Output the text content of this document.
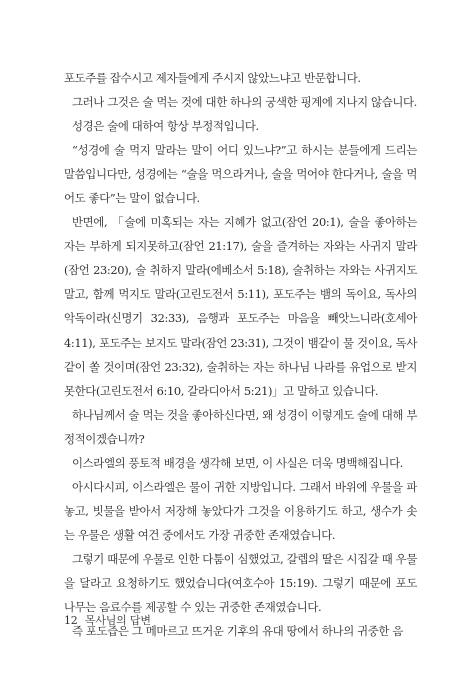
포도주를 잡수시고 제자들에게 주시지 않았느냐고 반문합니다.

그러나 그것은 술 먹는 것에 대한 하나의 궁색한 핑계에 지나지 않습니다.

성경은 술에 대하여 항상 부정적입니다.

“성경에 술 먹지 말라는 말이 어디 있느냐?”고 하시는 분들에게 드리는 말씀입니다만, 성경에는 “술을 먹으라거나, 술을 먹어야 한다거나, 술을 먹어도 좋다”는 말이 없습니다.

반면에, 「술에 미혹되는 자는 지혜가 없고(잠언 20:1), 술을 좋아하는 자는 부하게 되지못하고(잠언 21:17), 술을 즐겨하는 자와는 사귀지 말라(잠언 23:20), 술 취하지 말라(에베소서 5:18), 술취하는 자와는 사귀지도 말고, 함께 먹지도 말라(고린도전서 5:11), 포도주는 뱀의 독이요, 독사의 악독이라(신명기 32:33), 음행과 포도주는 마음을 빼앗느니라(호세아 4:11), 포도주는 보지도 말라(잠언 23:31), 그것이 뱀같이 물 것이요, 독사 같이 쏠 것이며(잠언 23:32), 술취하는 자는 하나님 나라를 유업으로 받지 못한다(고린도전서 6:10, 갈라디아서 5:21)」고 말하고 있습니다.

하나님께서 술 먹는 것을 좋아하신다면, 왜 성경이 이렇게도 술에 대해 부정적이겠습니까?

이스라엘의 풍토적 배경을 생각해 보면, 이 사실은 더욱 명백해집니다.

아시다시피, 이스라엘은 물이 귀한 지방입니다. 그래서 바위에 우물을 파 놓고, 빗물을 받아서 저장해 놓았다가 그것을 이용하기도 하고, 생수가 솟는 우물은 생활 여건 중에서도 가장 귀중한 존재였습니다.

그렇기 때문에 우물로 인한 다툼이 심했었고, 갈렙의 딸은 시집갈 때 우물을 달라고 요청하기도 했었습니다(여호수아 15:19). 그렇기 때문에 포도나무는 음료수를 제공할 수 있는 귀중한 존재였습니다.

즉 포도즙은 그 메마르고 뜨거운 기후의 유대 땅에서 하나의 귀중한 음

12 목사님의 답변
